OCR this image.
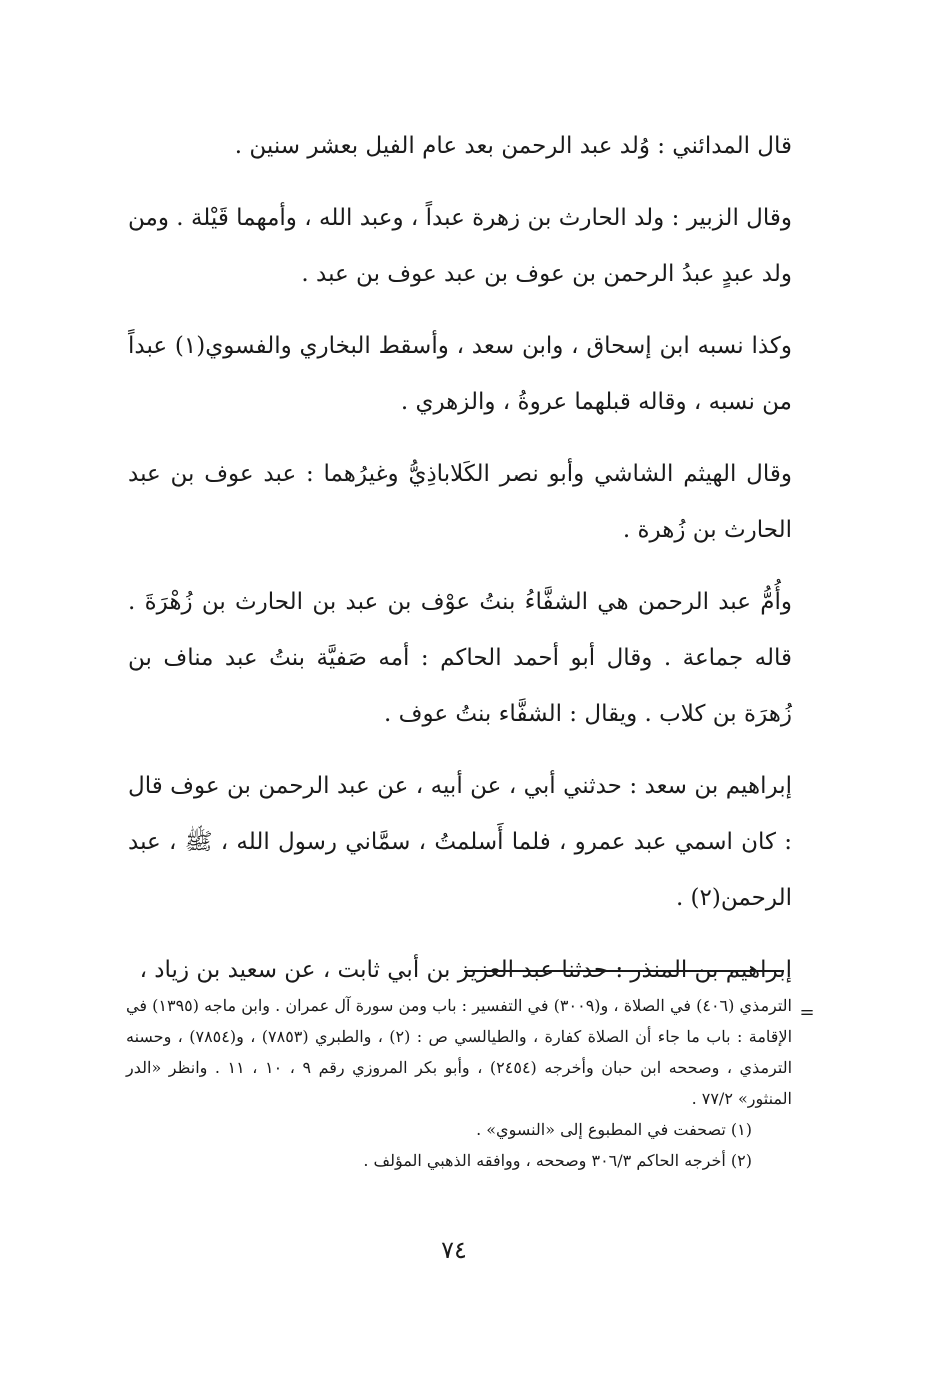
قال المدائني : وُلد عبد الرحمن بعد عام الفيل بعشر سنين .

وقال الزبير : ولد الحارث بن زهرة عبداً ، وعبد الله ، وأمهما قَيْلة . ومن ولد عبدٍ عبدُ الرحمن بن عوف بن عبد عوف بن عبد .

وكذا نسبه ابن إسحاق ، وابن سعد ، وأسقط البخاري والفسوي(١) عبداً من نسبه ، وقاله قبلهما عروةُ ، والزهري .

وقال الهيثم الشاشي وأبو نصر الكَلاباذِيُّ وغيرُهما : عبد عوف بن عبد الحارث بن زُهرة .

وأُمُّ عبد الرحمن هي الشفَّاءُ بنتُ عوْف بن عبد بن الحارث بن زُهْرَةَ . قاله جماعة . وقال أبو أحمد الحاكم : أمه صَفيَّة بنتُ عبد مناف بن زُهرَة بن كلاب . ويقال : الشفَّاء بنتُ عوف .

إبراهيم بن سعد : حدثني أبي ، عن أبيه ، عن عبد الرحمن بن عوف قال : كان اسمي عبد عمرو ، فلما أَسلمتُ ، سمَّاني رسول الله ، ﷺ ، عبد الرحمن(٢) .

إبراهيم بن المنذر : حدثنا عبد العزيز بن أبي ثابت ، عن سعيد بن زياد ،

=

الترمذي (٤٠٦) في الصلاة ، و(٣٠٠٩) في التفسير : باب ومن سورة آل عمران . وابن ماجه (١٣٩٥) في الإقامة : باب ما جاء أن الصلاة كفارة ، والطيالسي ص : (٢) ، والطبري (٧٨٥٣) ، و(٧٨٥٤) ، وحسنه الترمذي ، وصححه ابن حبان وأخرجه (٢٤٥٤) ، وأبو بكر المروزي رقم ٩ ، ١٠ ، ١١ . وانظر «الدر المنثور» ٧٧/٢ .

(١) تصحفت في المطبوع إلى «النسوي» .

(٢) أخرجه الحاكم ٣٠٦/٣ وصححه ، ووافقه الذهبي المؤلف .

٧٤
